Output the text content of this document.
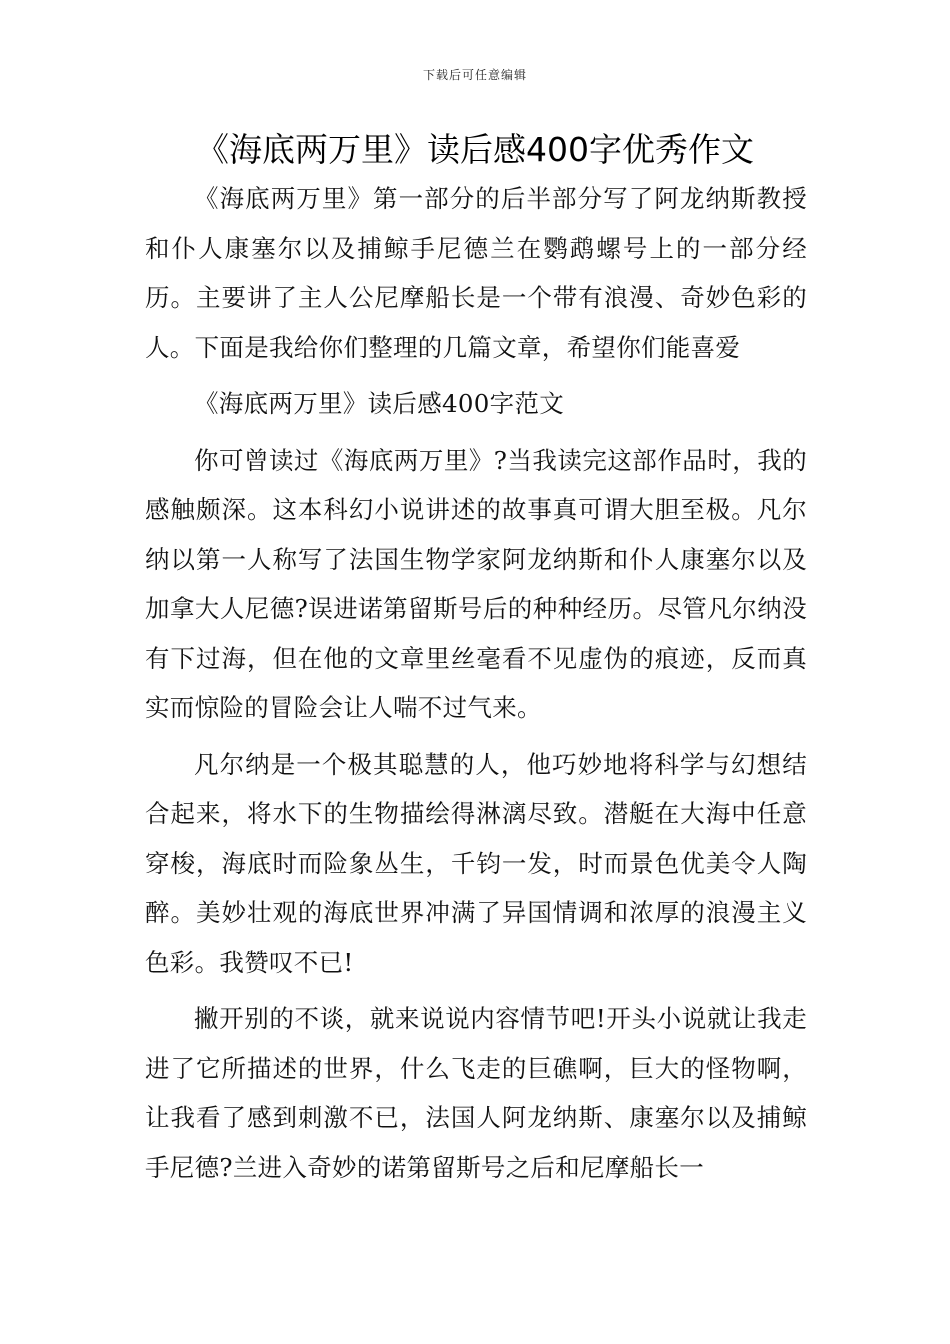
下载后可任意编辑
《海底两万里》读后感400字优秀作文

《海底两万里》第一部分的后半部分写了阿龙纳斯教授和仆人康塞尔以及捕鲸手尼德兰在鹦鹉螺号上的一部分经历。主要讲了主人公尼摩船长是一个带有浪漫、奇妙色彩的人。下面是我给你们整理的几篇文章，希望你们能喜爱

《海底两万里》读后感400字范文

你可曾读过《海底两万里》?当我读完这部作品时，我的感触颇深。这本科幻小说讲述的故事真可谓大胆至极。凡尔纳以第一人称写了法国生物学家阿龙纳斯和仆人康塞尔以及加拿大人尼德?误进诺第留斯号后的种种经历。尽管凡尔纳没有下过海，但在他的文章里丝毫看不见虚伪的痕迹，反而真实而惊险的冒险会让人喘不过气来。

凡尔纳是一个极其聪慧的人，他巧妙地将科学与幻想结合起来，将水下的生物描绘得淋漓尽致。潜艇在大海中任意穿梭，海底时而险象丛生，千钧一发，时而景色优美令人陶醉。美妙壮观的海底世界冲满了异国情调和浓厚的浪漫主义色彩。我赞叹不已!

撇开别的不谈，就来说说内容情节吧!开头小说就让我走进了它所描述的世界，什么飞走的巨礁啊，巨大的怪物啊，让我看了感到刺激不已，法国人阿龙纳斯、康塞尔以及捕鲸手尼德?兰进入奇妙的诺第留斯号之后和尼摩船长一
